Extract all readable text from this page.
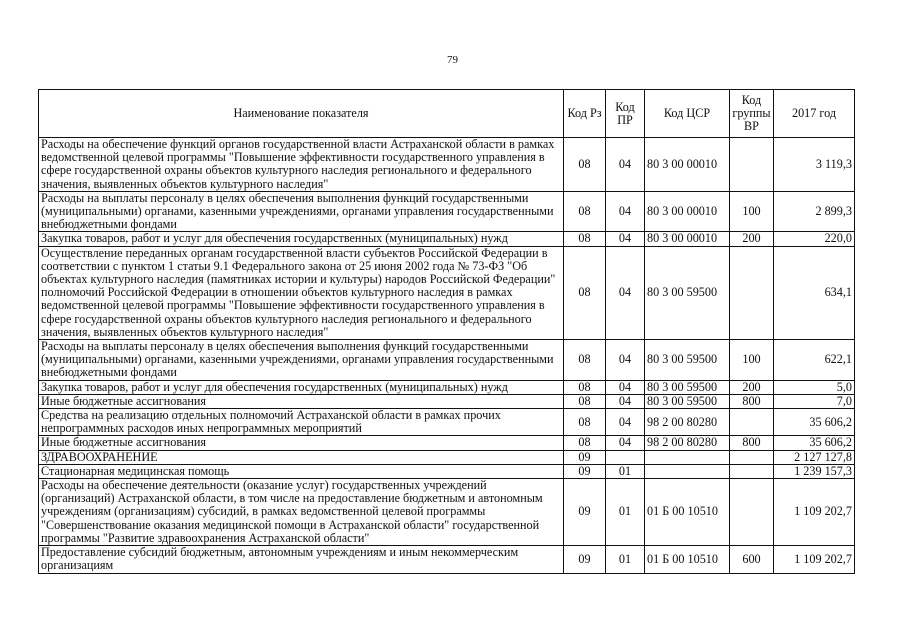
79
Наименование показателя	Код Рз	Код ПР	Код ЦСР	Код группы ВР	2017 год
Расходы на обеспечение функций органов государственной власти Астраханской области в рамках ведомственной целевой программы "Повышение эффективности государственного управления в сфере государственной охраны объектов культурного наследия регионального и федерального значения, выявленных объектов культурного наследия"	08	04	80 3 00 00010		3 119,3
Расходы на выплаты персоналу в целях обеспечения выполнения функций государственными (муниципальными) органами, казенными учреждениями, органами управления государственными внебюджетными фондами	08	04	80 3 00 00010	100	2 899,3
Закупка товаров, работ и услуг для обеспечения государственных (муниципальных) нужд	08	04	80 3 00 00010	200	220,0
Осуществление переданных органам государственной власти субъектов Российской Федерации в соответствии с пунктом 1 статьи 9.1 Федерального закона от 25 июня 2002 года № 73-ФЗ "Об объектах культурного наследия (памятниках истории и культуры) народов Российской Федерации" полномочий Российской Федерации в отношении объектов культурного наследия в рамках ведомственной целевой программы "Повышение эффективности государственного управления в сфере государственной охраны объектов культурного наследия регионального и федерального значения, выявленных объектов культурного наследия"	08	04	80 3 00 59500		634,1
Расходы на выплаты персоналу в целях обеспечения выполнения функций государственными (муниципальными) органами, казенными учреждениями, органами управления государственными внебюджетными фондами	08	04	80 3 00 59500	100	622,1
Закупка товаров, работ и услуг для обеспечения государственных (муниципальных) нужд	08	04	80 3 00 59500	200	5,0
Иные бюджетные ассигнования	08	04	80 3 00 59500	800	7,0
Средства на реализацию отдельных полномочий Астраханской области в рамках прочих непрограммных расходов иных непрограммных мероприятий	08	04	98 2 00 80280		35 606,2
Иные бюджетные ассигнования	08	04	98 2 00 80280	800	35 606,2
ЗДРАВООХРАНЕНИЕ	09				2 127 127,8
Стационарная медицинская помощь	09	01			1 239 157,3
Расходы на обеспечение деятельности (оказание услуг) государственных учреждений (организаций) Астраханской области, в том числе на предоставление бюджетным и автономным учреждениям (организациям) субсидий, в рамках ведомственной целевой программы "Совершенствование оказания медицинской помощи в Астраханской области" государственной программы "Развитие здравоохранения Астраханской области"	09	01	01 Б 00 10510		1 109 202,7
Предоставление субсидий бюджетным, автономным учреждениям и иным некоммерческим организациям	09	01	01 Б 00 10510	600	1 109 202,7
